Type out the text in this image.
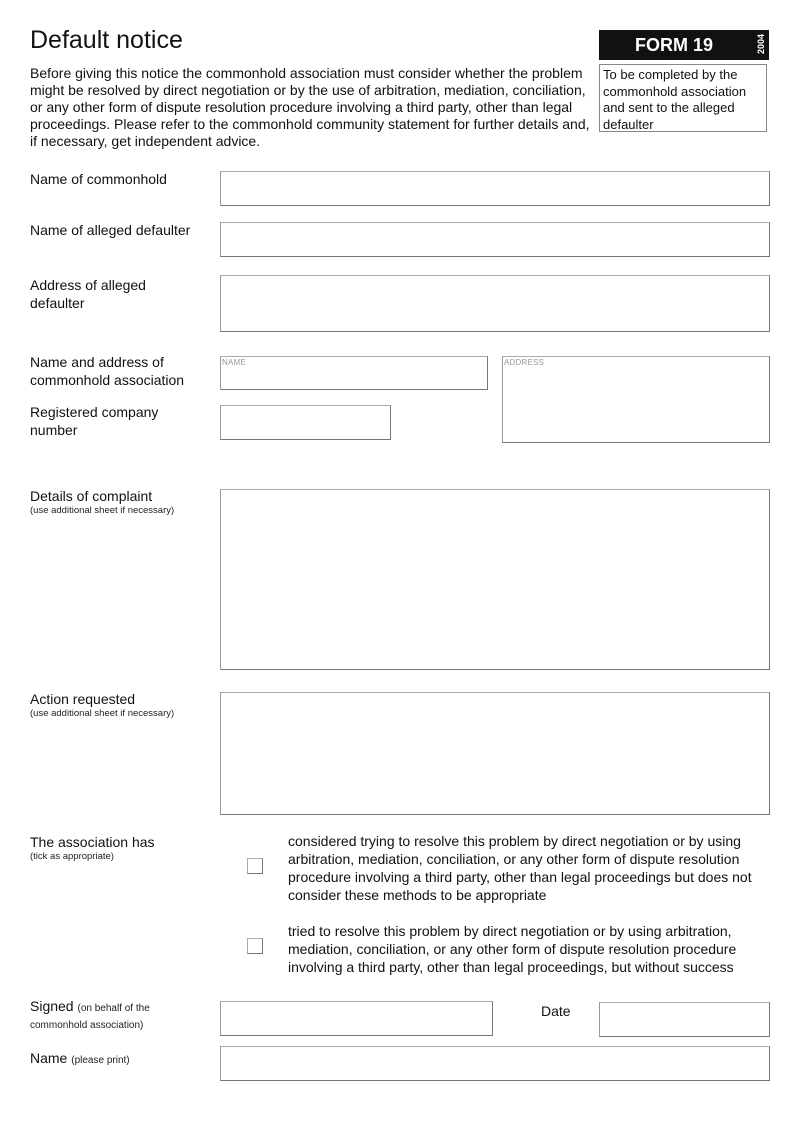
Default notice
Before giving this notice the commonhold association must consider whether the problem might be resolved by direct negotiation or by the use of arbitration, mediation, conciliation, or any other form of dispute resolution procedure involving a third party, other than legal proceedings. Please refer to the commonhold community statement for further details and, if necessary, get independent advice.
FORM 19	2004
To be completed by the commonhold association and sent to the alleged defaulter
Name of commonhold
Name of alleged defaulter
Address of alleged defaulter
Name and address of commonhold association
NAME	ADDRESS
Registered company number
Details of complaint
(use additional sheet if necessary)
Action requested
(use additional sheet if necessary)
The association has
(tick as appropriate)
considered trying to resolve this problem by direct negotiation or by using arbitration, mediation, conciliation, or any other form of dispute resolution procedure involving a third party, other than legal proceedings but does not consider these methods to be appropriate
tried to resolve this problem by direct negotiation or by using arbitration, mediation, conciliation, or any other form of dispute resolution procedure involving a third party, other than legal proceedings, but without success
Signed (on behalf of the commonhold association)
Date
Name (please print)
